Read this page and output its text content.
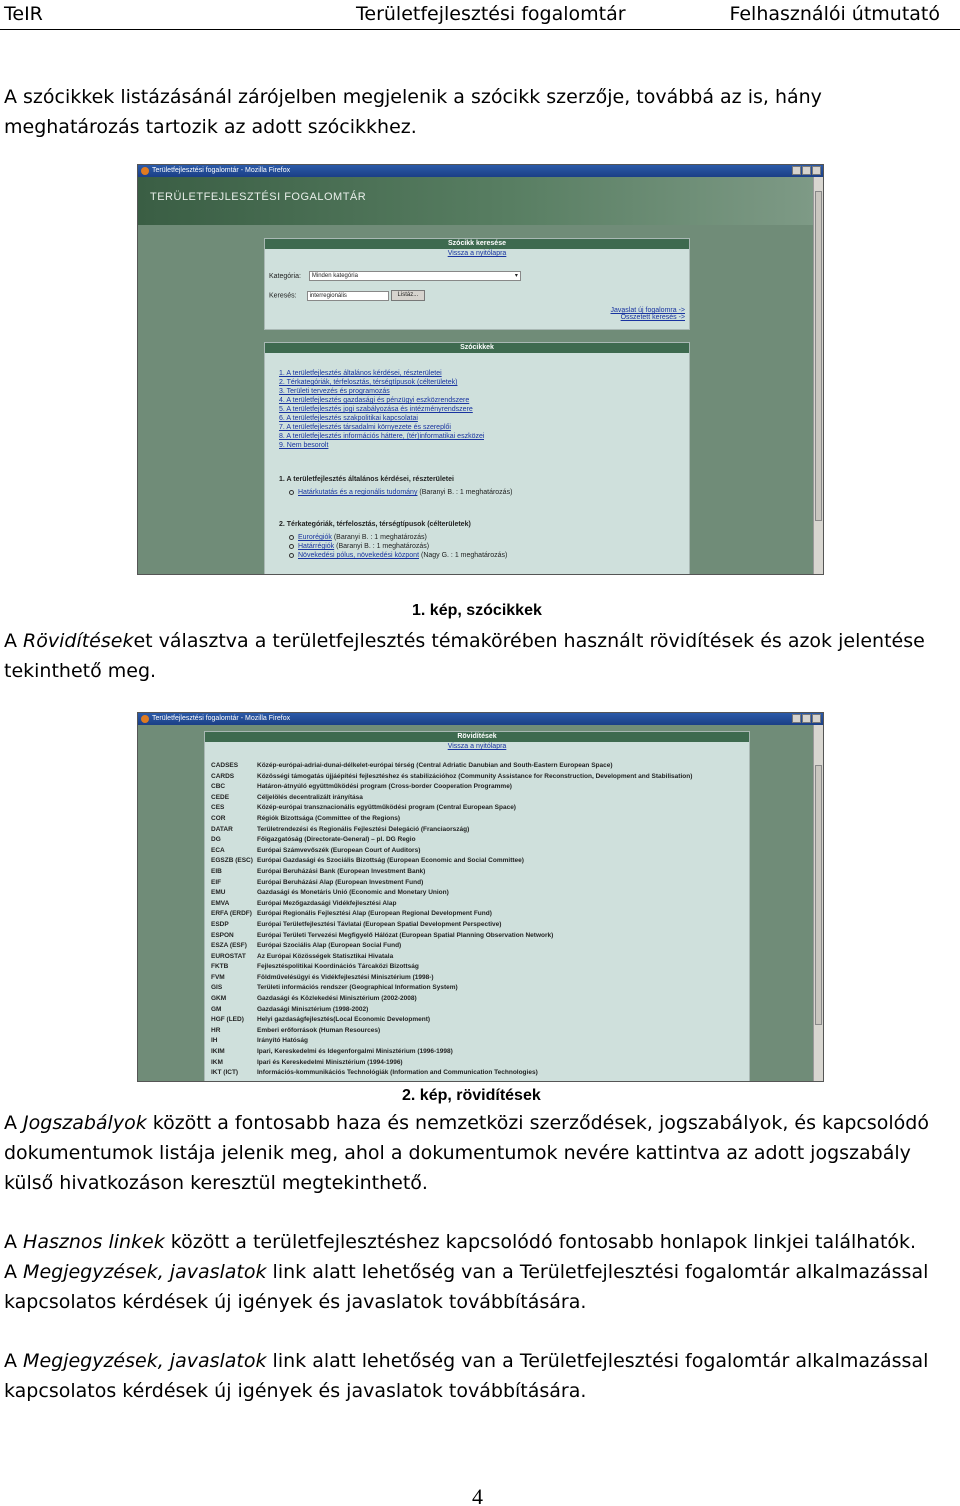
TeIR	Területfejlesztési fogalomtár	Felhasználói útmutató
A szócikkek listázásánál zárójelben megjelenik a szócikk szerzője, továbbá az is, hány meghatározás tartozik az adott szócikkhez.
Területfejlesztési fogalomtár - Mozilla Firefox
TERÜLETFEJLESZTÉSI FOGALOMTÁR
Szócikk keresése
Vissza a nyitólapra
Kategória: Minden kategória	▾
Keresés: interregionális	Listáz...
Javaslat új fogalomra ->
Összetett keresés ->
Szócikkek
1. A területfejlesztés általános kérdései, részterületei
2. Térkategóriák, térfelosztás, térségtípusok (célterületek)
3. Területi tervezés és programozás
4. A területfejlesztés gazdasági és pénzügyi eszközrendszere
5. A területfejlesztés jogi szabályozása és intézményrendszere
6. A területfejlesztés szakpolitikai kapcsolatai
7. A területfejlesztés társadalmi környezete és szereplői
8. A területfejlesztés információs háttere, (tér)informatikai eszközei
9. Nem besorolt
1. A területfejlesztés általános kérdései, részterületei
Határkutatás és a regionális tudomány (Baranyi B. : 1 meghatározás)
2. Térkategóriák, térfelosztás, térségtípusok (célterületek)
Eurorégiók (Baranyi B. : 1 meghatározás)
Határrégiók (Baranyi B. : 1 meghatározás)
Növekedési pólus, növekedési központ (Nagy G. : 1 meghatározás)
1. kép, szócikkek
A Rövidítéseket választva a területfejlesztés témakörében használt rövidítések és azok jelentése tekinthető meg.
Területfejlesztési fogalomtár - Mozilla Firefox
Rövidítések
Vissza a nyitólapra
CADSES	Közép-európai-adriai-dunai-délkelet-európai térség (Central Adriatic Danubian and South-Eastern European Space)
CARDS	Közösségi támogatás újjáépítési fejlesztéshez és stabilizációhoz (Community Assistance for Reconstruction, Development and Stabilisation)
CBC	Határon-átnyúló együttműködési program (Cross-border Cooperation Programme)
CEDE	Céljelölés decentralizált irányítása
CES	Közép-európai transznacionális együttműködési program (Central European Space)
COR	Régiók Bizottsága (Committee of the Regions)
DATAR	Területrendezési és Regionális Fejlesztési Delegáció (Franciaország)
DG	Főigazgatóság (Directorate-General) – pl. DG Regio
ECA	Európai Számvevőszék (European Court of Auditors)
EGSZB (ESC) Európai Gazdasági és Szociális Bizottság (European Economic and Social Committee)
EIB	Európai Beruházási Bank (European Investment Bank)
EIF	Európai Beruházási Alap (European Investment Fund)
EMU	Gazdasági és Monetáris Unió (Economic and Monetary Union)
EMVA	Európai Mezőgazdasági Vidékfejlesztési Alap
ERFA (ERDF) Európai Regionális Fejlesztési Alap (European Regional Development Fund)
ESDP	Európai Területfejlesztési Távlatai (European Spatial Development Perspective)
ESPON	Európai Területi Tervezési Megfigyelő Hálózat (European Spatial Planning Observation Network)
ESZA (ESF) Európai Szociális Alap (European Social Fund)
EUROSTAT Az Európai Közösségek Statisztikai Hivatala
FKTB	Fejlesztéspolitikai Koordinációs Tárcaközi Bizottság
FVM	Földművelésügyi és Vidékfejlesztési Minisztérium (1998-)
GIS	Területi információs rendszer (Geographical Information System)
GKM	Gazdasági és Közlekedési Minisztérium (2002-2008)
GM	Gazdasági Minisztérium (1998-2002)
HGF (LED) Helyi gazdaságfejlesztés(Local Economic Development)
HR	Emberi erőforrások (Human Resources)
IH	Irányító Hatóság
IKIM	Ipari, Kereskedelmi és Idegenforgalmi Minisztérium (1996-1998)
IKM	Ipari és Kereskedelmi Minisztérium (1994-1996)
IKT (ICT)	Információs-kommunikációs Technológiák (Information and Communication Technologies)
2. kép, rövidítések
A Jogszabályok között a fontosabb haza és nemzetközi szerződések, jogszabályok, és kapcsolódó dokumentumok listája jelenik meg, ahol a dokumentumok nevére kattintva az adott jogszabály külső hivatkozáson keresztül megtekinthető.
A Hasznos linkek között a területfejlesztéshez kapcsolódó fontosabb honlapok linkjei találhatók.
A Megjegyzések, javaslatok link alatt lehetőség van a Területfejlesztési fogalomtár alkalmazással kapcsolatos kérdések új igények és javaslatok továbbítására.
A Megjegyzések, javaslatok link alatt lehetőség van a Területfejlesztési fogalomtár alkalmazással kapcsolatos kérdések új igények és javaslatok továbbítására.
4
